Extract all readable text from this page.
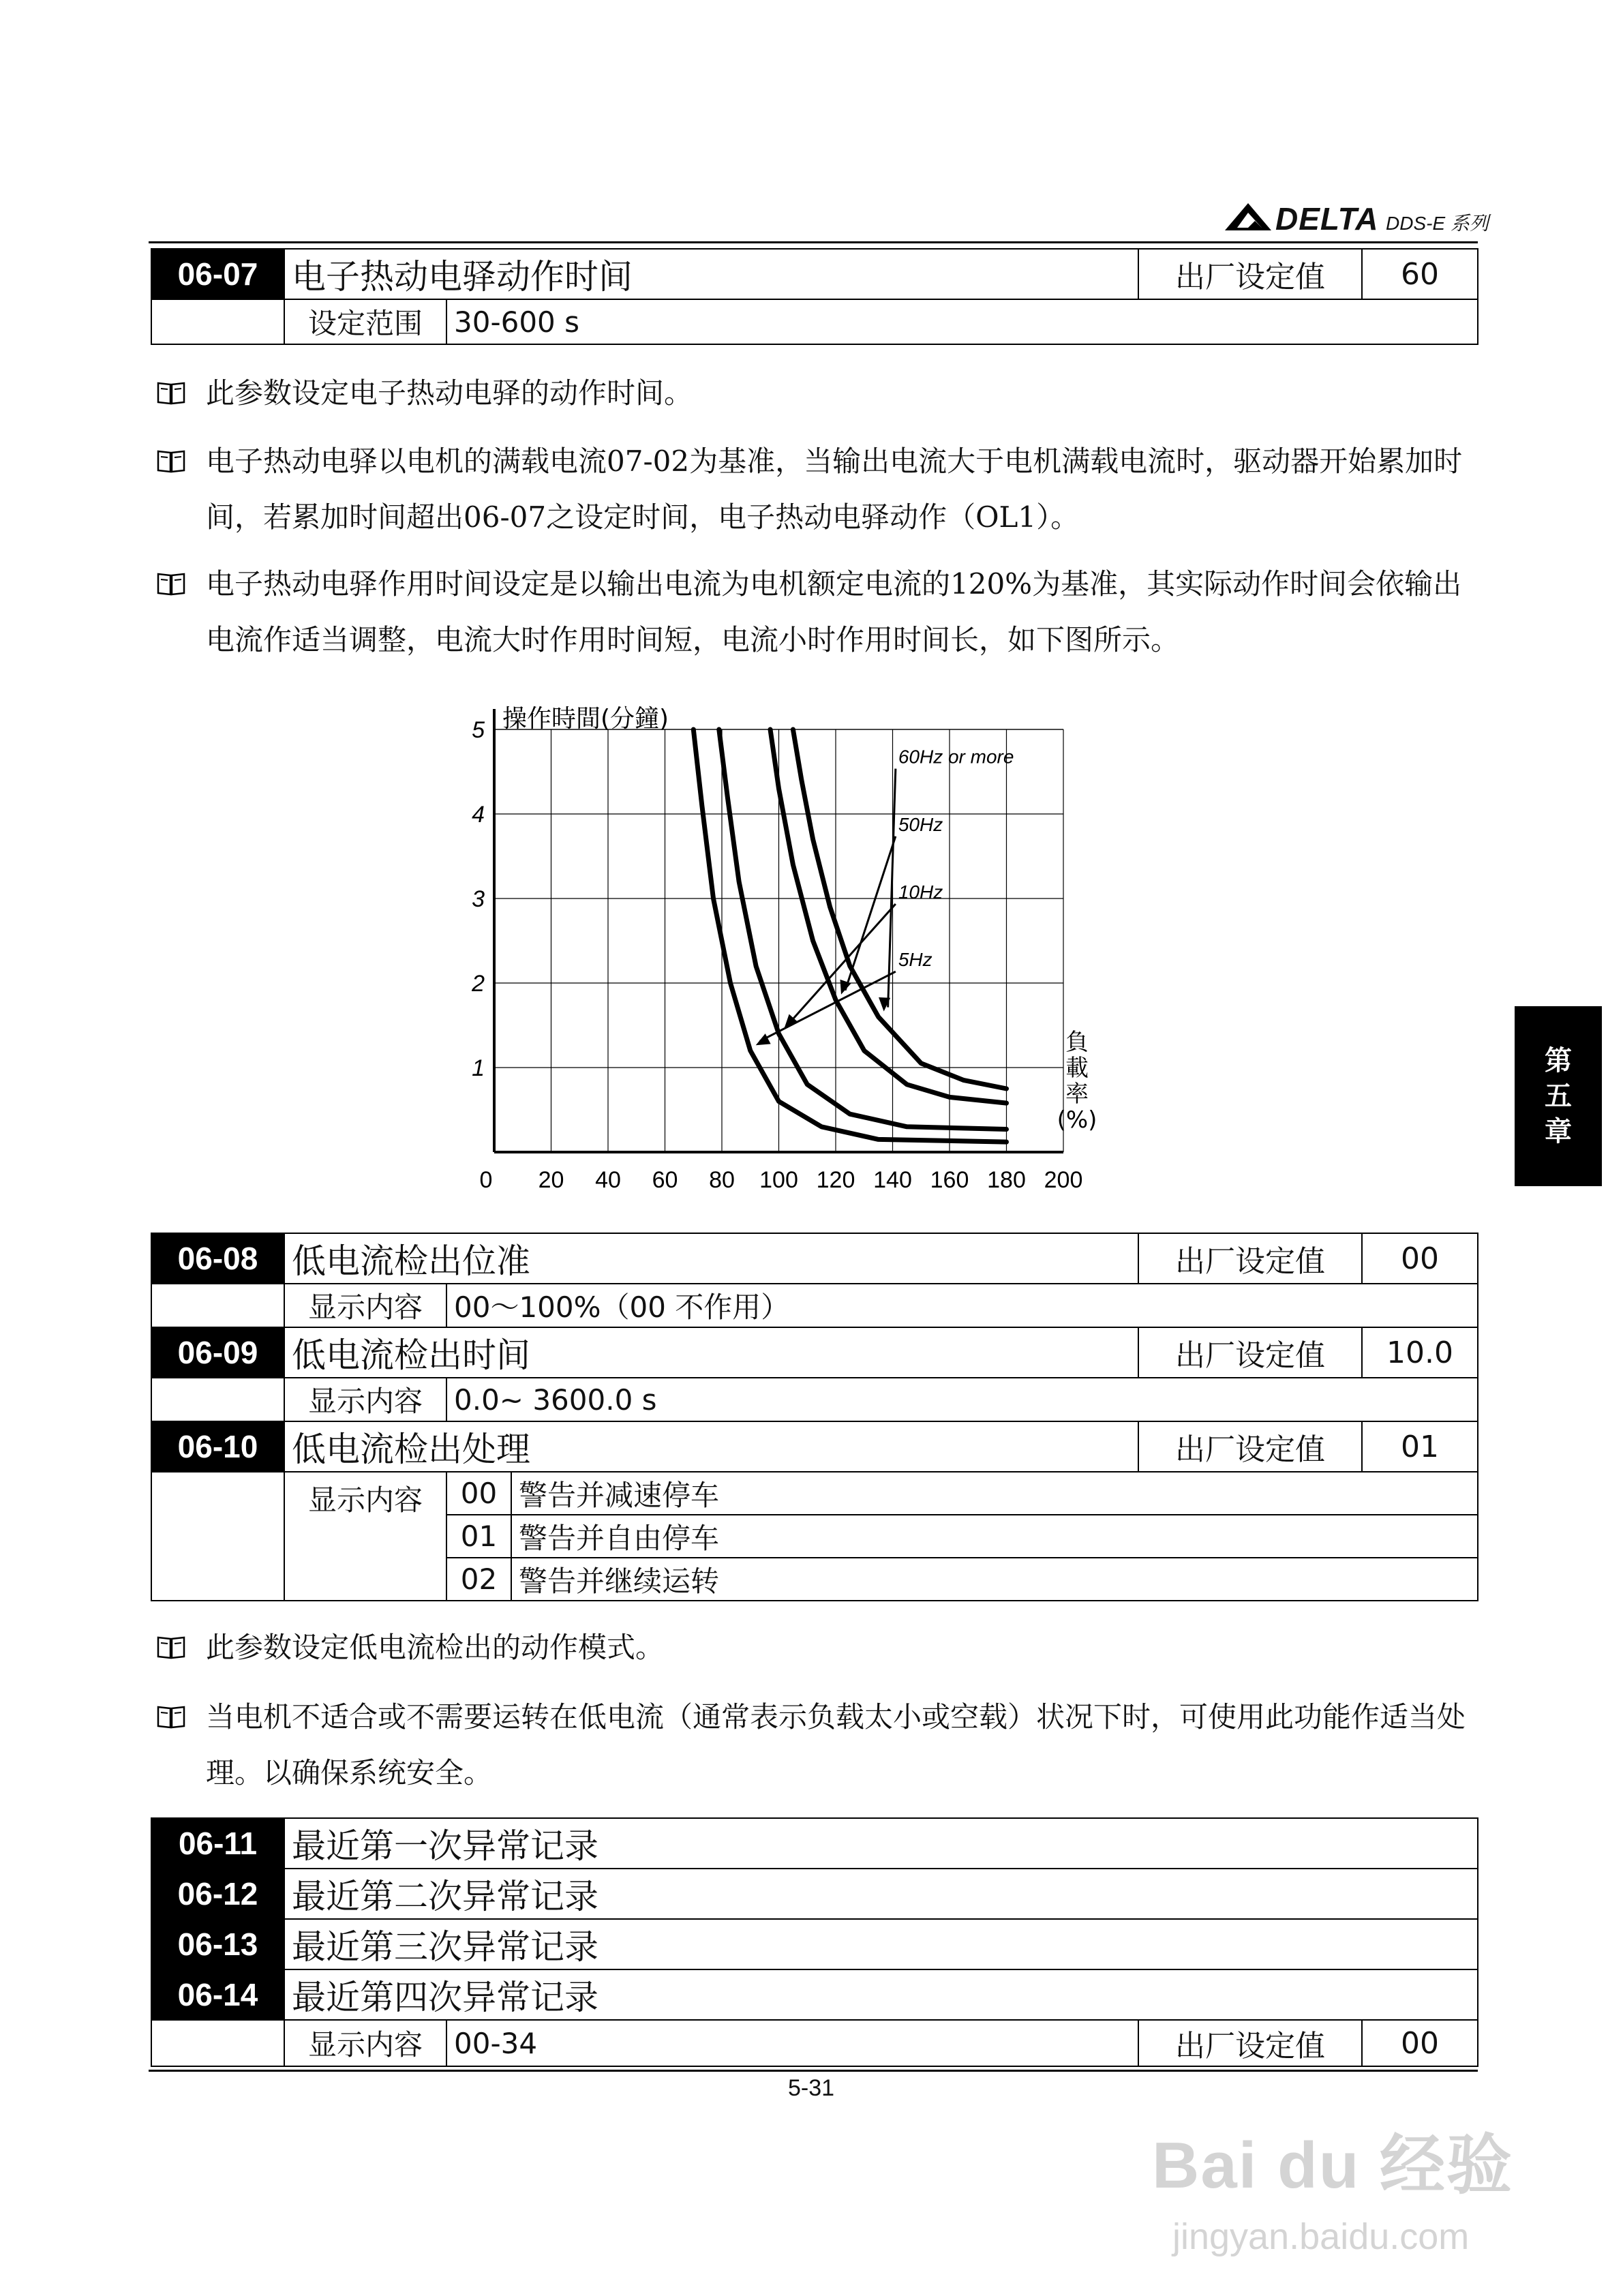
DELTA DDS-E 系列
06-07	电子热动电驿动作时间		出厂设定值	60
	设定范围	30-600 s		
此参数设定电子热动电驿的动作时间。
电子热动电驿以电机的满载电流07-02为基准，当输出电流大于电机满载电流时，驱动器开始累加时间，若累加时间超出06-07之设定时间，电子热动电驿动作（OL1）。
电子热动电驿作用时间设定是以输出电流为电机额定电流的120%为基准，其实际动作时间会依输出电流作适当调整，电流大时作用时间短，电流小时作用时间长，如下图所示。
操作時間(分鐘)
1
2
3
4
5
0 20 40 60 80 100 120 140 160 180 200
負
載
率
(%)
60Hz or more
50Hz
10Hz
5Hz
06-08	低电流检出位准			出厂设定值	00
	显示内容	00～100%（00 不作用）			
06-09	低电流检出时间			出厂设定值	10.0
	显示内容	0.0~ 3600.0 s			
06-10	低电流检出处理			出厂设定值	01
	显示内容	00	警告并减速停车		
		01	警告并自由停车		
		02	警告并继续运转		
此参数设定低电流检出的动作模式。
当电机不适合或不需要运转在低电流（通常表示负载太小或空载）状况下时，可使用此功能作适当处理。以确保系统安全。
06-11	最近第一次异常记录			
06-12	最近第二次异常记录			
06-13	最近第三次异常记录			
06-14	最近第四次异常记录			
	显示内容	00-34	出厂设定值	00
5-31
第
五
章
Bai du 经验
jingyan.baidu.com
